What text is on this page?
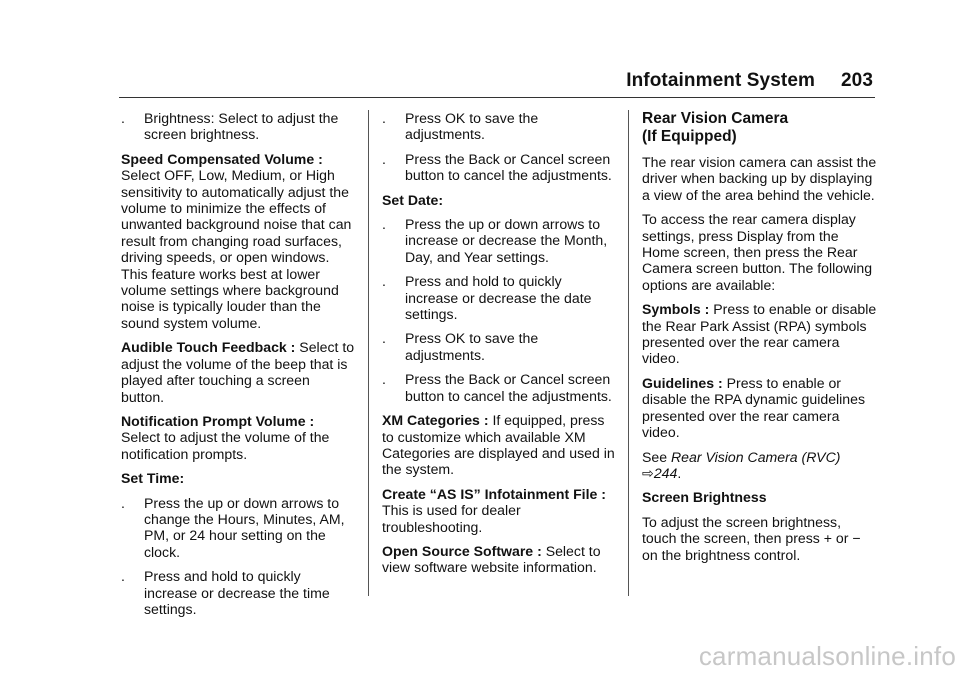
Infotainment System 203
.	Brightness: Select to adjust the screen brightness.

Speed Compensated Volume :
Select OFF, Low, Medium, or High sensitivity to automatically adjust the volume to minimize the effects of unwanted background noise that can result from changing road surfaces, driving speeds, or open windows. This feature works best at lower volume settings where background noise is typically louder than the sound system volume.

Audible Touch Feedback : Select to adjust the volume of the beep that is played after touching a screen button.

Notification Prompt Volume :
Select to adjust the volume of the notification prompts.

Set Time:

.	Press the up or down arrows to change the Hours, Minutes, AM, PM, or 24 hour setting on the clock.
.	Press and hold to quickly increase or decrease the time settings.
.	Press OK to save the adjustments.
.	Press the Back or Cancel screen button to cancel the adjustments.

Set Date:

.	Press the up or down arrows to increase or decrease the Month, Day, and Year settings.
.	Press and hold to quickly increase or decrease the date settings.
.	Press OK to save the adjustments.
.	Press the Back or Cancel screen button to cancel the adjustments.

XM Categories : If equipped, press to customize which available XM Categories are displayed and used in the system.

Create “AS IS” Infotainment File : This is used for dealer troubleshooting.

Open Source Software : Select to view software website information.

Rear Vision Camera
(If Equipped)

The rear vision camera can assist the driver when backing up by displaying a view of the area behind the vehicle.

To access the rear camera display settings, press Display from the Home screen, then press the Rear Camera screen button. The following options are available:

Symbols : Press to enable or disable the Rear Park Assist (RPA) symbols presented over the rear camera video.

Guidelines : Press to enable or disable the RPA dynamic guidelines presented over the rear camera video.

See Rear Vision Camera (RVC) ⇨244.

Screen Brightness

To adjust the screen brightness, touch the screen, then press + or − on the brightness control.

carmanualsonline.info
